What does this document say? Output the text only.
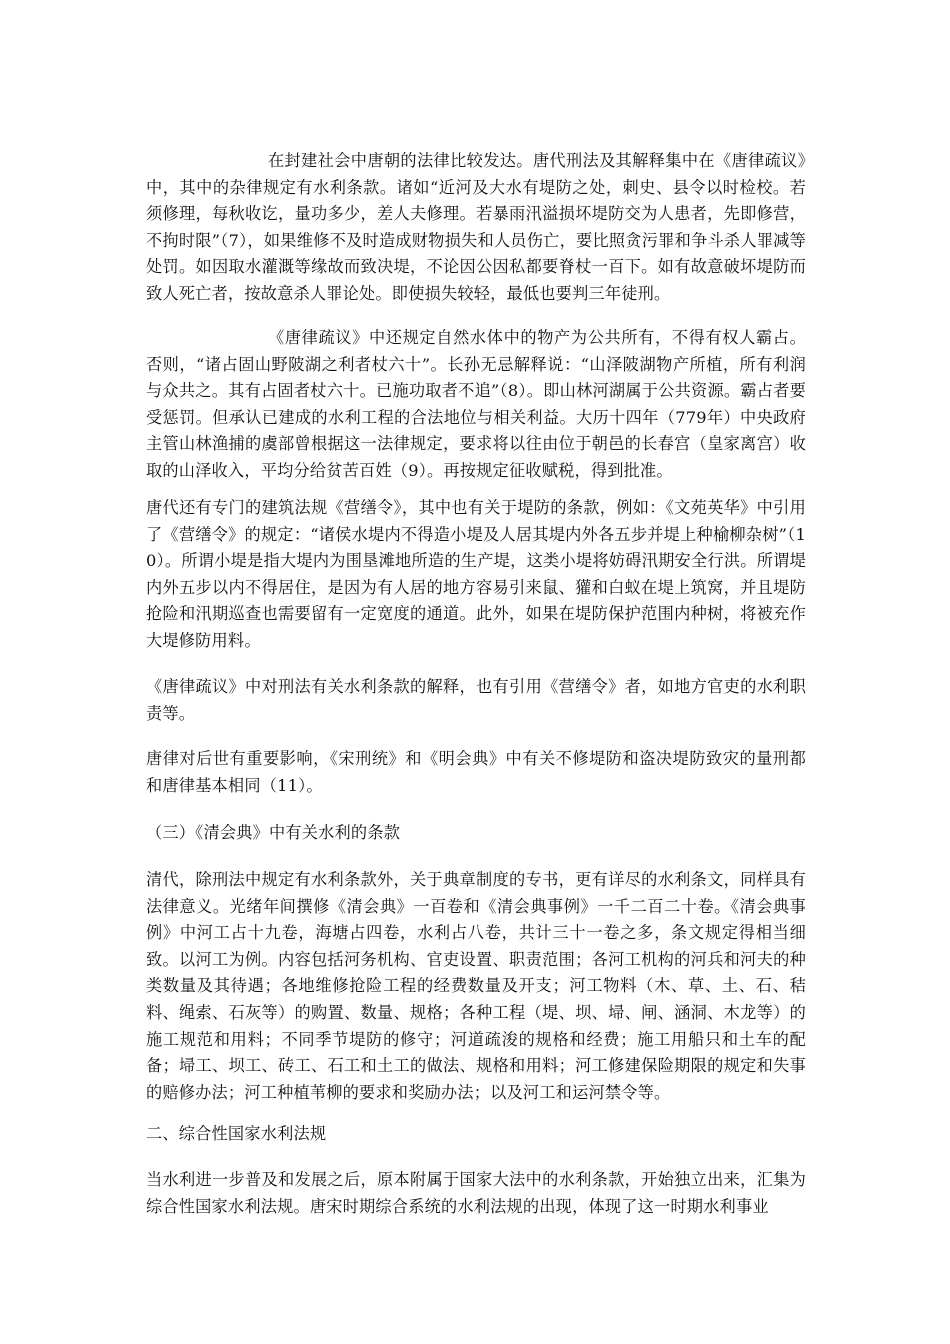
在封建社会中唐朝的法律比较发达。唐代刑法及其解释集中在《唐律疏议》中，其中的杂律规定有水利条款。诸如“近河及大水有堤防之处，刺史、县令以时检校。若须修理，每秋收讫，量功多少，差人夫修理。若暴雨汛溢损坏堤防交为人患者，先即修营，不拘时限”（7），如果维修不及时造成财物损失和人员伤亡，要比照贪污罪和争斗杀人罪减等处罚。如因取水灌溉等缘故而致决堤，不论因公因私都要脊杖一百下。如有故意破坏堤防而致人死亡者，按故意杀人罪论处。即使损失较轻，最低也要判三年徒刑。

《唐律疏议》中还规定自然水体中的物产为公共所有，不得有权人霸占。否则，“诸占固山野陂湖之利者杖六十”。长孙无忌解释说：“山泽陂湖物产所植，所有利润与众共之。其有占固者杖六十。已施功取者不追”（8）。即山林河湖属于公共资源。霸占者要受惩罚。但承认已建成的水利工程的合法地位与相关利益。大历十四年（779年）中央政府主管山林渔捕的虞部曾根据这一法律规定，要求将以往由位于朝邑的长春宫（皇家离宫）收取的山泽收入，平均分给贫苦百姓（9）。再按规定征收赋税，得到批准。

唐代还有专门的建筑法规《营缮令》，其中也有关于堤防的条款，例如：《文苑英华》中引用了《营缮令》的规定：“诸侯水堤内不得造小堤及人居其堤内外各五步并堤上种榆柳杂树”（10）。所谓小堤是指大堤内为围垦滩地所造的生产堤，这类小堤将妨碍汛期安全行洪。所谓堤内外五步以内不得居住，是因为有人居的地方容易引来鼠、獾和白蚁在堤上筑窝，并且堤防抢险和汛期巡查也需要留有一定宽度的通道。此外，如果在堤防保护范围内种树，将被充作大堤修防用料。

《唐律疏议》中对刑法有关水利条款的解释，也有引用《营缮令》者，如地方官吏的水利职责等。

唐律对后世有重要影响，《宋刑统》和《明会典》中有关不修堤防和盗决堤防致灾的量刑都和唐律基本相同（11）。

（三）《清会典》中有关水利的条款

清代，除刑法中规定有水利条款外，关于典章制度的专书，更有详尽的水利条文，同样具有法律意义。光绪年间撰修《清会典》一百卷和《清会典事例》一千二百二十卷。《清会典事例》中河工占十九卷，海塘占四卷，水利占八卷，共计三十一卷之多，条文规定得相当细致。以河工为例。内容包括河务机构、官吏设置、职责范围；各河工机构的河兵和河夫的种类数量及其待遇；各地维修抢险工程的经费数量及开支；河工物料（木、草、土、石、秸料、绳索、石灰等）的购置、数量、规格；各种工程（堤、坝、埽、闸、涵洞、木龙等）的施工规范和用料；不同季节堤防的修守；河道疏浚的规格和经费；施工用船只和土车的配备；埽工、坝工、砖工、石工和土工的做法、规格和用料；河工修建保险期限的规定和失事的赔修办法；河工种植苇柳的要求和奖励办法；以及河工和运河禁令等。

二、综合性国家水利法规

当水利进一步普及和发展之后，原本附属于国家大法中的水利条款，开始独立出来，汇集为综合性国家水利法规。唐宋时期综合系统的水利法规的出现，体现了这一时期水利事业
